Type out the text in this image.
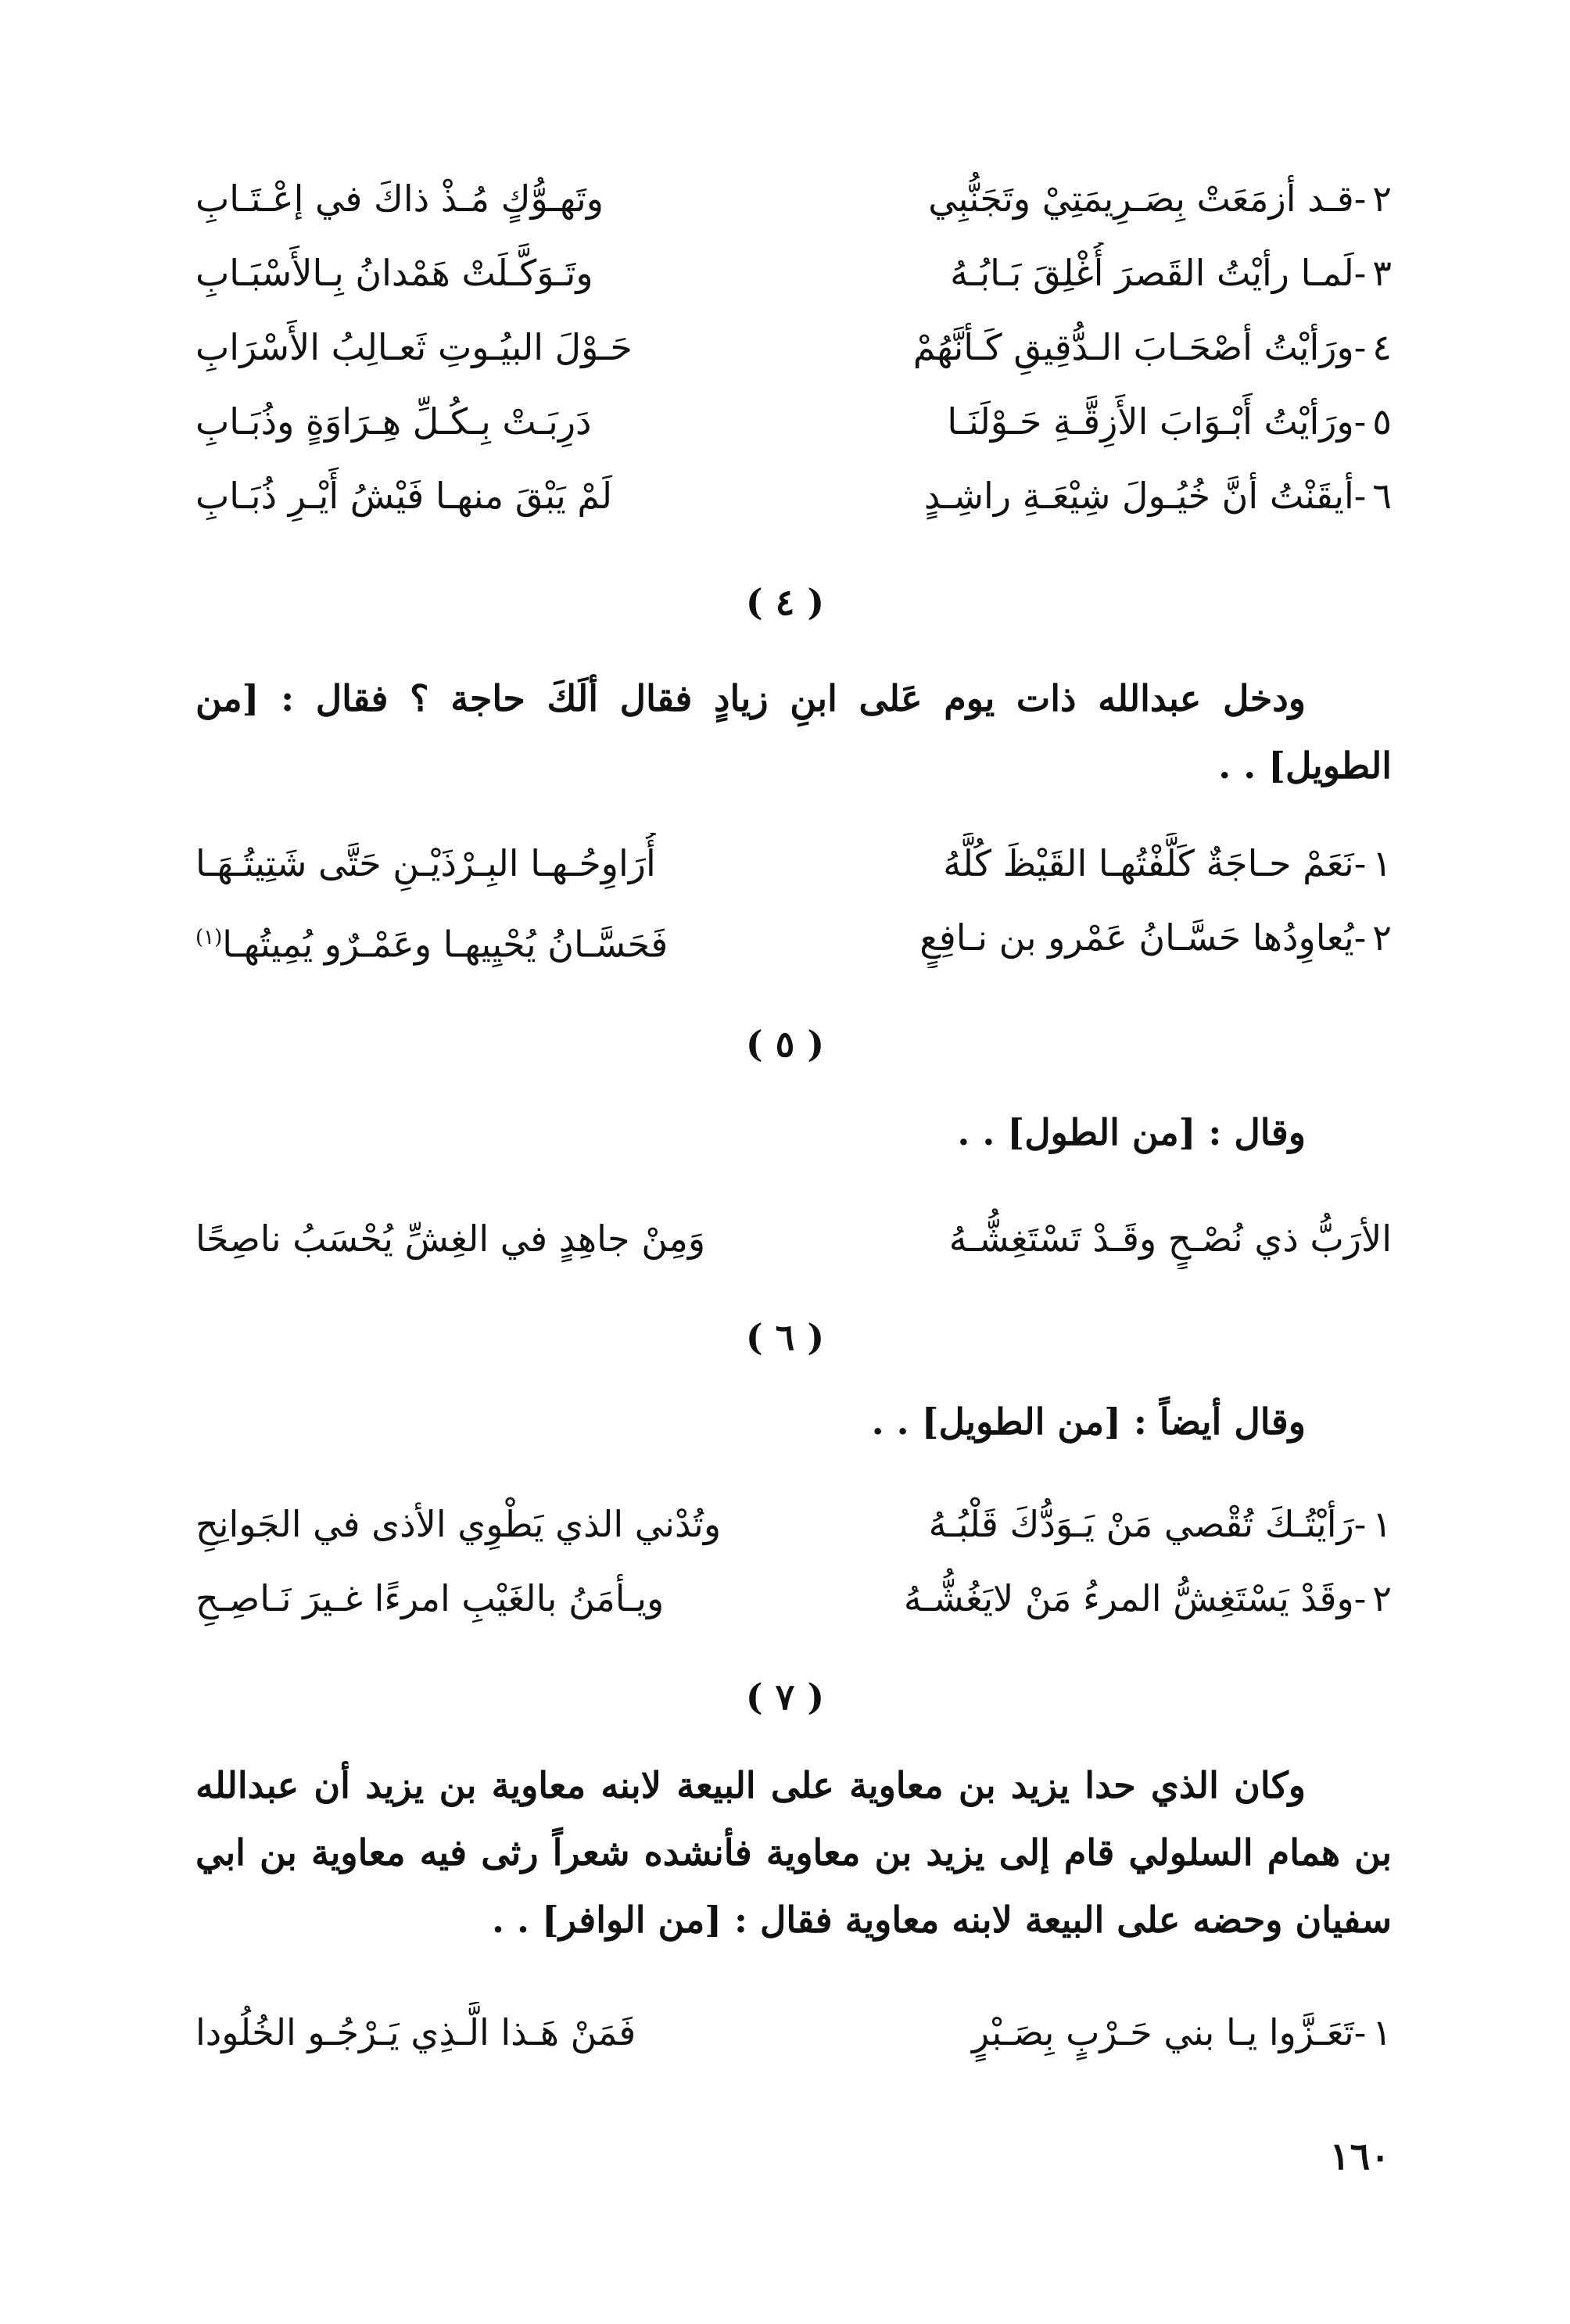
٢-قـد أزمَعَتْ بِصَـرِيمَتِيْ وتَجَنُّبِي
وتَهـوُّكٍ مُـذْ ذاكَ في إعْـتَـابِ
٣-لَمـا رأيْتُ القَصرَ أُغْلِقَ بَـابُـهُ
وتَـوَكَّـلَتْ هَمْدانُ بِـالأَسْبَـابِ
٤-ورَأيْتُ أصْحَـابَ الـدُّقِيقِ كَـأنَّهُمْ
حَـوْلَ البيُـوتِ ثَعـالِبُ الأَسْرَابِ
٥-ورَأيْتُ أَبْـوَابَ الأَزِقَّـةِ حَـوْلَنَـا
دَرِبَـتْ بِـكُـلِّ هِـرَاوَةٍ وذُبَـابِ
٦-أيقَنْتُ أنَّ خُيُـولَ شِيْعَـةِ راشِـدٍ
لَمْ يَبْقَ منهـا فَيْشُ أَيْـرِ ذُبَـابِ
( ٤ )
ودخل عبدالله ذات يوم عَلى ابنِ زيادٍ فقال ألَكَ حاجة ؟ فقال : [من الطويل] . .
١-نَعَمْ حـاجَةٌ كَلَّفْتُهـا القَيْظَ كُلَّهُ
أُرَاوِحُـهـا البِـرْذَيْـنِ حَتَّى شَتِيتُـهَـا
٢-يُعاوِدُها حَسَّـانُ عَمْرو بن نـافِعٍ
فَحَسَّـانُ يُحْيِيهـا وعَمْـرٌو يُمِيتُهـا$^{(١)}$
( ٥ )
وقال : [من الطول] . .
الأرَبُّ ذي نُصْـحٍ وقَـدْ تَسْتَغِشُّـهُ
وَمِنْ جاهِدٍ في الغِشِّ يُحْسَبُ ناصِحًا
( ٦ )
وقال أيضاً : [من الطويل] . .
١-رَأيْتُـكَ تُقْصي مَنْ يَـوَدُّكَ قَلْبُـهُ
وتُدْني الذي يَطْوِي الأذى في الجَوانِحِ
٢-وقَدْ يَسْتَغِشُّ المرءُ مَنْ لايَغُشُّـهُ
ويـأمَنُ بالغَيْبِ امرءًا غـيرَ نَـاصِـحِ
( ٧ )
وكان الذي حدا يزيد بن معاوية على البيعة لابنه معاوية بن يزيد أن عبدالله بن همام السلولي قام إلى يزيد بن معاوية فأنشده شعراً رثى فيه معاوية بن ابي سفيان وحضه على البيعة لابنه معاوية فقال : [من الوافر] . .
١-تَعَـزَّوا يـا بني حَـرْبٍ بِصَـبْرٍ
فَمَنْ هَـذا الَّـذِي يَـرْجُـو الخُلُودا
١٦٠
